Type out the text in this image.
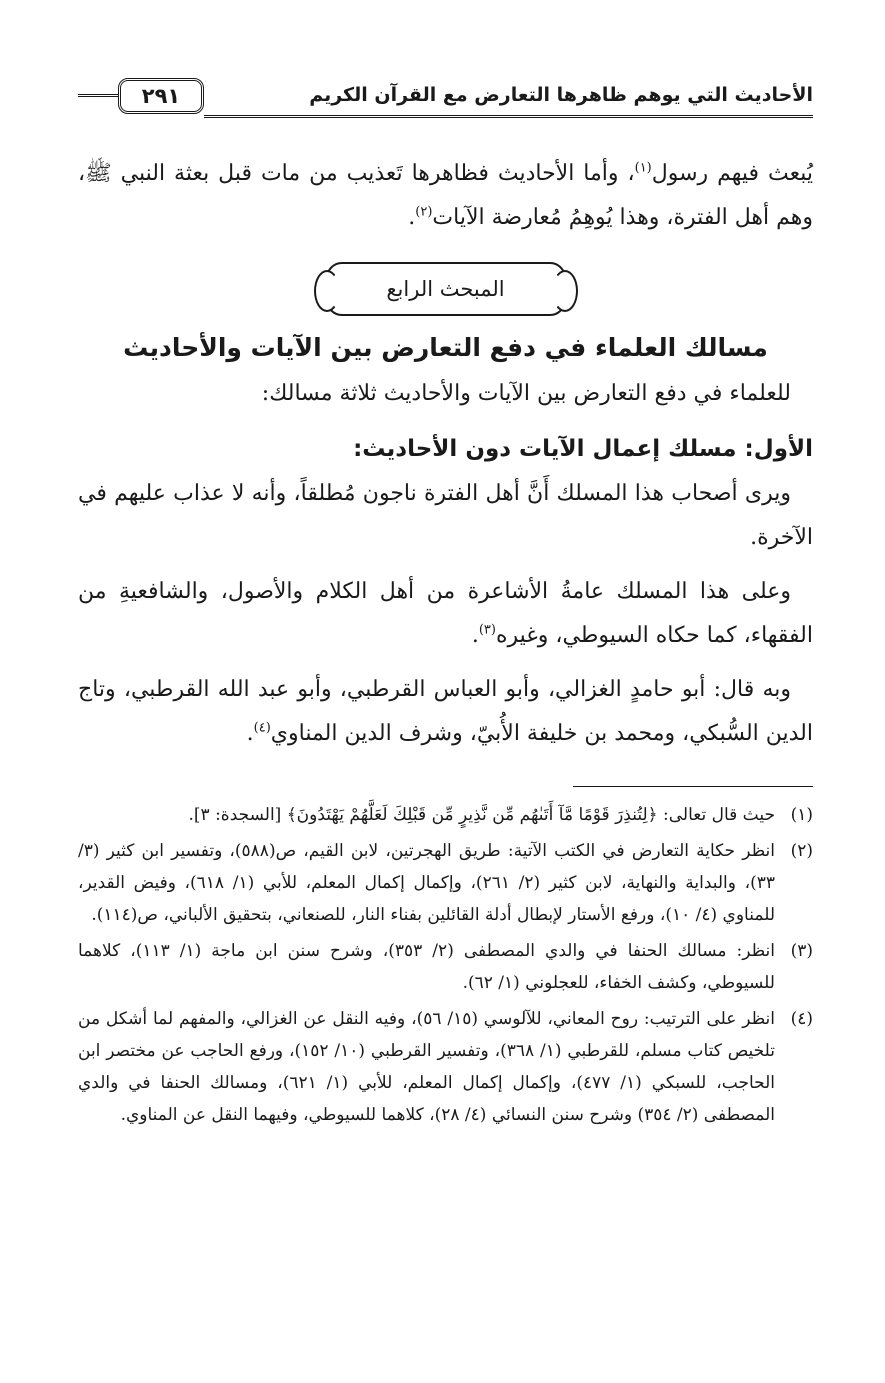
الأحاديث التي يوهم ظاهرها التعارض مع القرآن الكريم
٢٩١

يُبعث فيهم رسول$^{(١)}$، وأما الأحاديث فظاهرها تَعذيب من مات قبل بعثة النبي ﷺ، وهم أهل الفترة، وهذا يُوهِمُ مُعارضة الآيات$^{(٢)}$.

المبحث الرابع
مسالك العلماء في دفع التعارض بين الآيات والأحاديث

للعلماء في دفع التعارض بين الآيات والأحاديث ثلاثة مسالك:

الأول: مسلك إعمال الآيات دون الأحاديث:

ويرى أصحاب هذا المسلك أَنَّ أهل الفترة ناجون مُطلقاً، وأنه لا عذاب عليهم في الآخرة.

وعلى هذا المسلك عامةُ الأشاعرة من أهل الكلام والأصول، والشافعيةِ من الفقهاء، كما حكاه السيوطي، وغيره$^{(٣)}$.

وبه قال: أبو حامدٍ الغزالي، وأبو العباس القرطبي، وأبو عبد الله القرطبي، وتاج الدين السُّبكي، ومحمد بن خليفة الأُبيّ، وشرف الدين المناوي$^{(٤)}$.

(١)
حيث قال تعالى: ﴿لِتُنذِرَ قَوْمًا مَّآ أَتَىٰهُم مِّن نَّذِيرٍ مِّن قَبْلِكَ لَعَلَّهُمْ يَهْتَدُونَ﴾ [السجدة: ٣].
(٢)
انظر حكاية التعارض في الكتب الآتية: طريق الهجرتين، لابن القيم، ص(٥٨٨)، وتفسير ابن كثير (٣/ ٣٣)، والبداية والنهاية، لابن كثير (٢/ ٢٦١)، وإكمال إكمال المعلم، للأبي (١/ ٦١٨)، وفيض القدير، للمناوي (٤/ ١٠)، ورفع الأستار لإبطال أدلة القائلين بفناء النار، للصنعاني، بتحقيق الألباني، ص(١١٤).
(٣)
انظر: مسالك الحنفا في والدي المصطفى (٢/ ٣٥٣)، وشرح سنن ابن ماجة (١/ ١١٣)، كلاهما للسيوطي، وكشف الخفاء، للعجلوني (١/ ٦٢).
(٤)
انظر على الترتيب: روح المعاني، للآلوسي (١٥/ ٥٦)، وفيه النقل عن الغزالي، والمفهم لما أشكل من تلخيص كتاب مسلم، للقرطبي (١/ ٣٦٨)، وتفسير القرطبي (١٠/ ١٥٢)، ورفع الحاجب عن مختصر ابن الحاجب، للسبكي (١/ ٤٧٧)، وإكمال إكمال المعلم، للأبي (١/ ٦٢١)، ومسالك الحنفا في والدي المصطفى (٢/ ٣٥٤) وشرح سنن النسائي (٤/ ٢٨)، كلاهما للسيوطي، وفيهما النقل عن المناوي.
